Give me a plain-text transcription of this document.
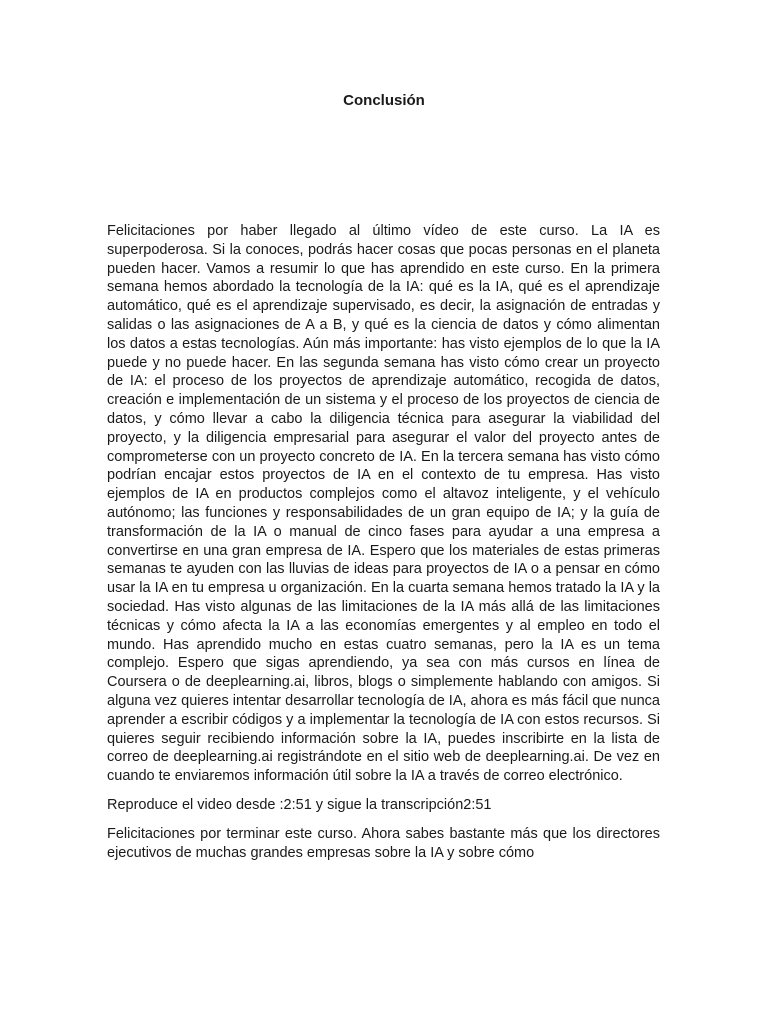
Conclusión

Felicitaciones por haber llegado al último vídeo de este curso. La IA es superpoderosa. Si la conoces, podrás hacer cosas que pocas personas en el planeta pueden hacer. Vamos a resumir lo que has aprendido en este curso. En la primera semana hemos abordado la tecnología de la IA: qué es la IA, qué es el aprendizaje automático, qué es el aprendizaje supervisado, es decir, la asignación de entradas y salidas o las asignaciones de A a B, y qué es la ciencia de datos y cómo alimentan los datos a estas tecnologías. Aún más importante: has visto ejemplos de lo que la IA puede y no puede hacer. En las segunda semana has visto cómo crear un proyecto de IA: el proceso de los proyectos de aprendizaje automático, recogida de datos, creación e implementación de un sistema y el proceso de los proyectos de ciencia de datos, y cómo llevar a cabo la diligencia técnica para asegurar la viabilidad del proyecto, y la diligencia empresarial para asegurar el valor del proyecto antes de comprometerse con un proyecto concreto de IA. En la tercera semana has visto cómo podrían encajar estos proyectos de IA en el contexto de tu empresa. Has visto ejemplos de IA en productos complejos como el altavoz inteligente, y el vehículo autónomo; las funciones y responsabilidades de un gran equipo de IA; y la guía de transformación de la IA o manual de cinco fases para ayudar a una empresa a convertirse en una gran empresa de IA. Espero que los materiales de estas primeras semanas te ayuden con las lluvias de ideas para proyectos de IA o a pensar en cómo usar la IA en tu empresa u organización. En la cuarta semana hemos tratado la IA y la sociedad. Has visto algunas de las limitaciones de la IA más allá de las limitaciones técnicas y cómo afecta la IA a las economías emergentes y al empleo en todo el mundo. Has aprendido mucho en estas cuatro semanas, pero la IA es un tema complejo. Espero que sigas aprendiendo, ya sea con más cursos en línea de Coursera o de deeplearning.ai, libros, blogs o simplemente hablando con amigos. Si alguna vez quieres intentar desarrollar tecnología de IA, ahora es más fácil que nunca aprender a escribir códigos y a implementar la tecnología de IA con estos recursos. Si quieres seguir recibiendo información sobre la IA, puedes inscribirte en la lista de correo de deeplearning.ai registrándote en el sitio web de deeplearning.ai. De vez en cuando te enviaremos información útil sobre la IA a través de correo electrónico.

Reproduce el video desde :2:51 y sigue la transcripción2:51

Felicitaciones por terminar este curso. Ahora sabes bastante más que los directores ejecutivos de muchas grandes empresas sobre la IA y sobre cómo
